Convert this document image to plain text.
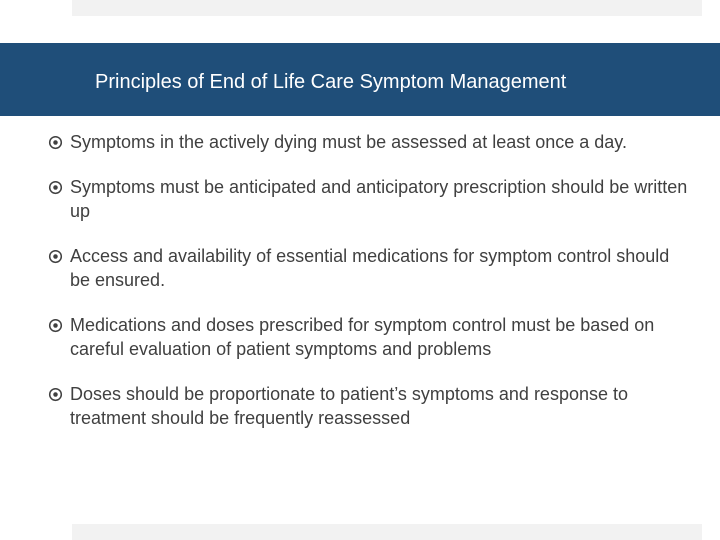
Principles of End of Life Care Symptom Management
Symptoms in the actively dying must be assessed at least once a day.
Symptoms must be anticipated and anticipatory prescription should be written up
Access and availability of essential medications for symptom control should be ensured.
Medications and doses prescribed for symptom control must be based on careful evaluation of patient symptoms and problems
Doses should be proportionate to patient’s symptoms and response to treatment should be frequently reassessed
